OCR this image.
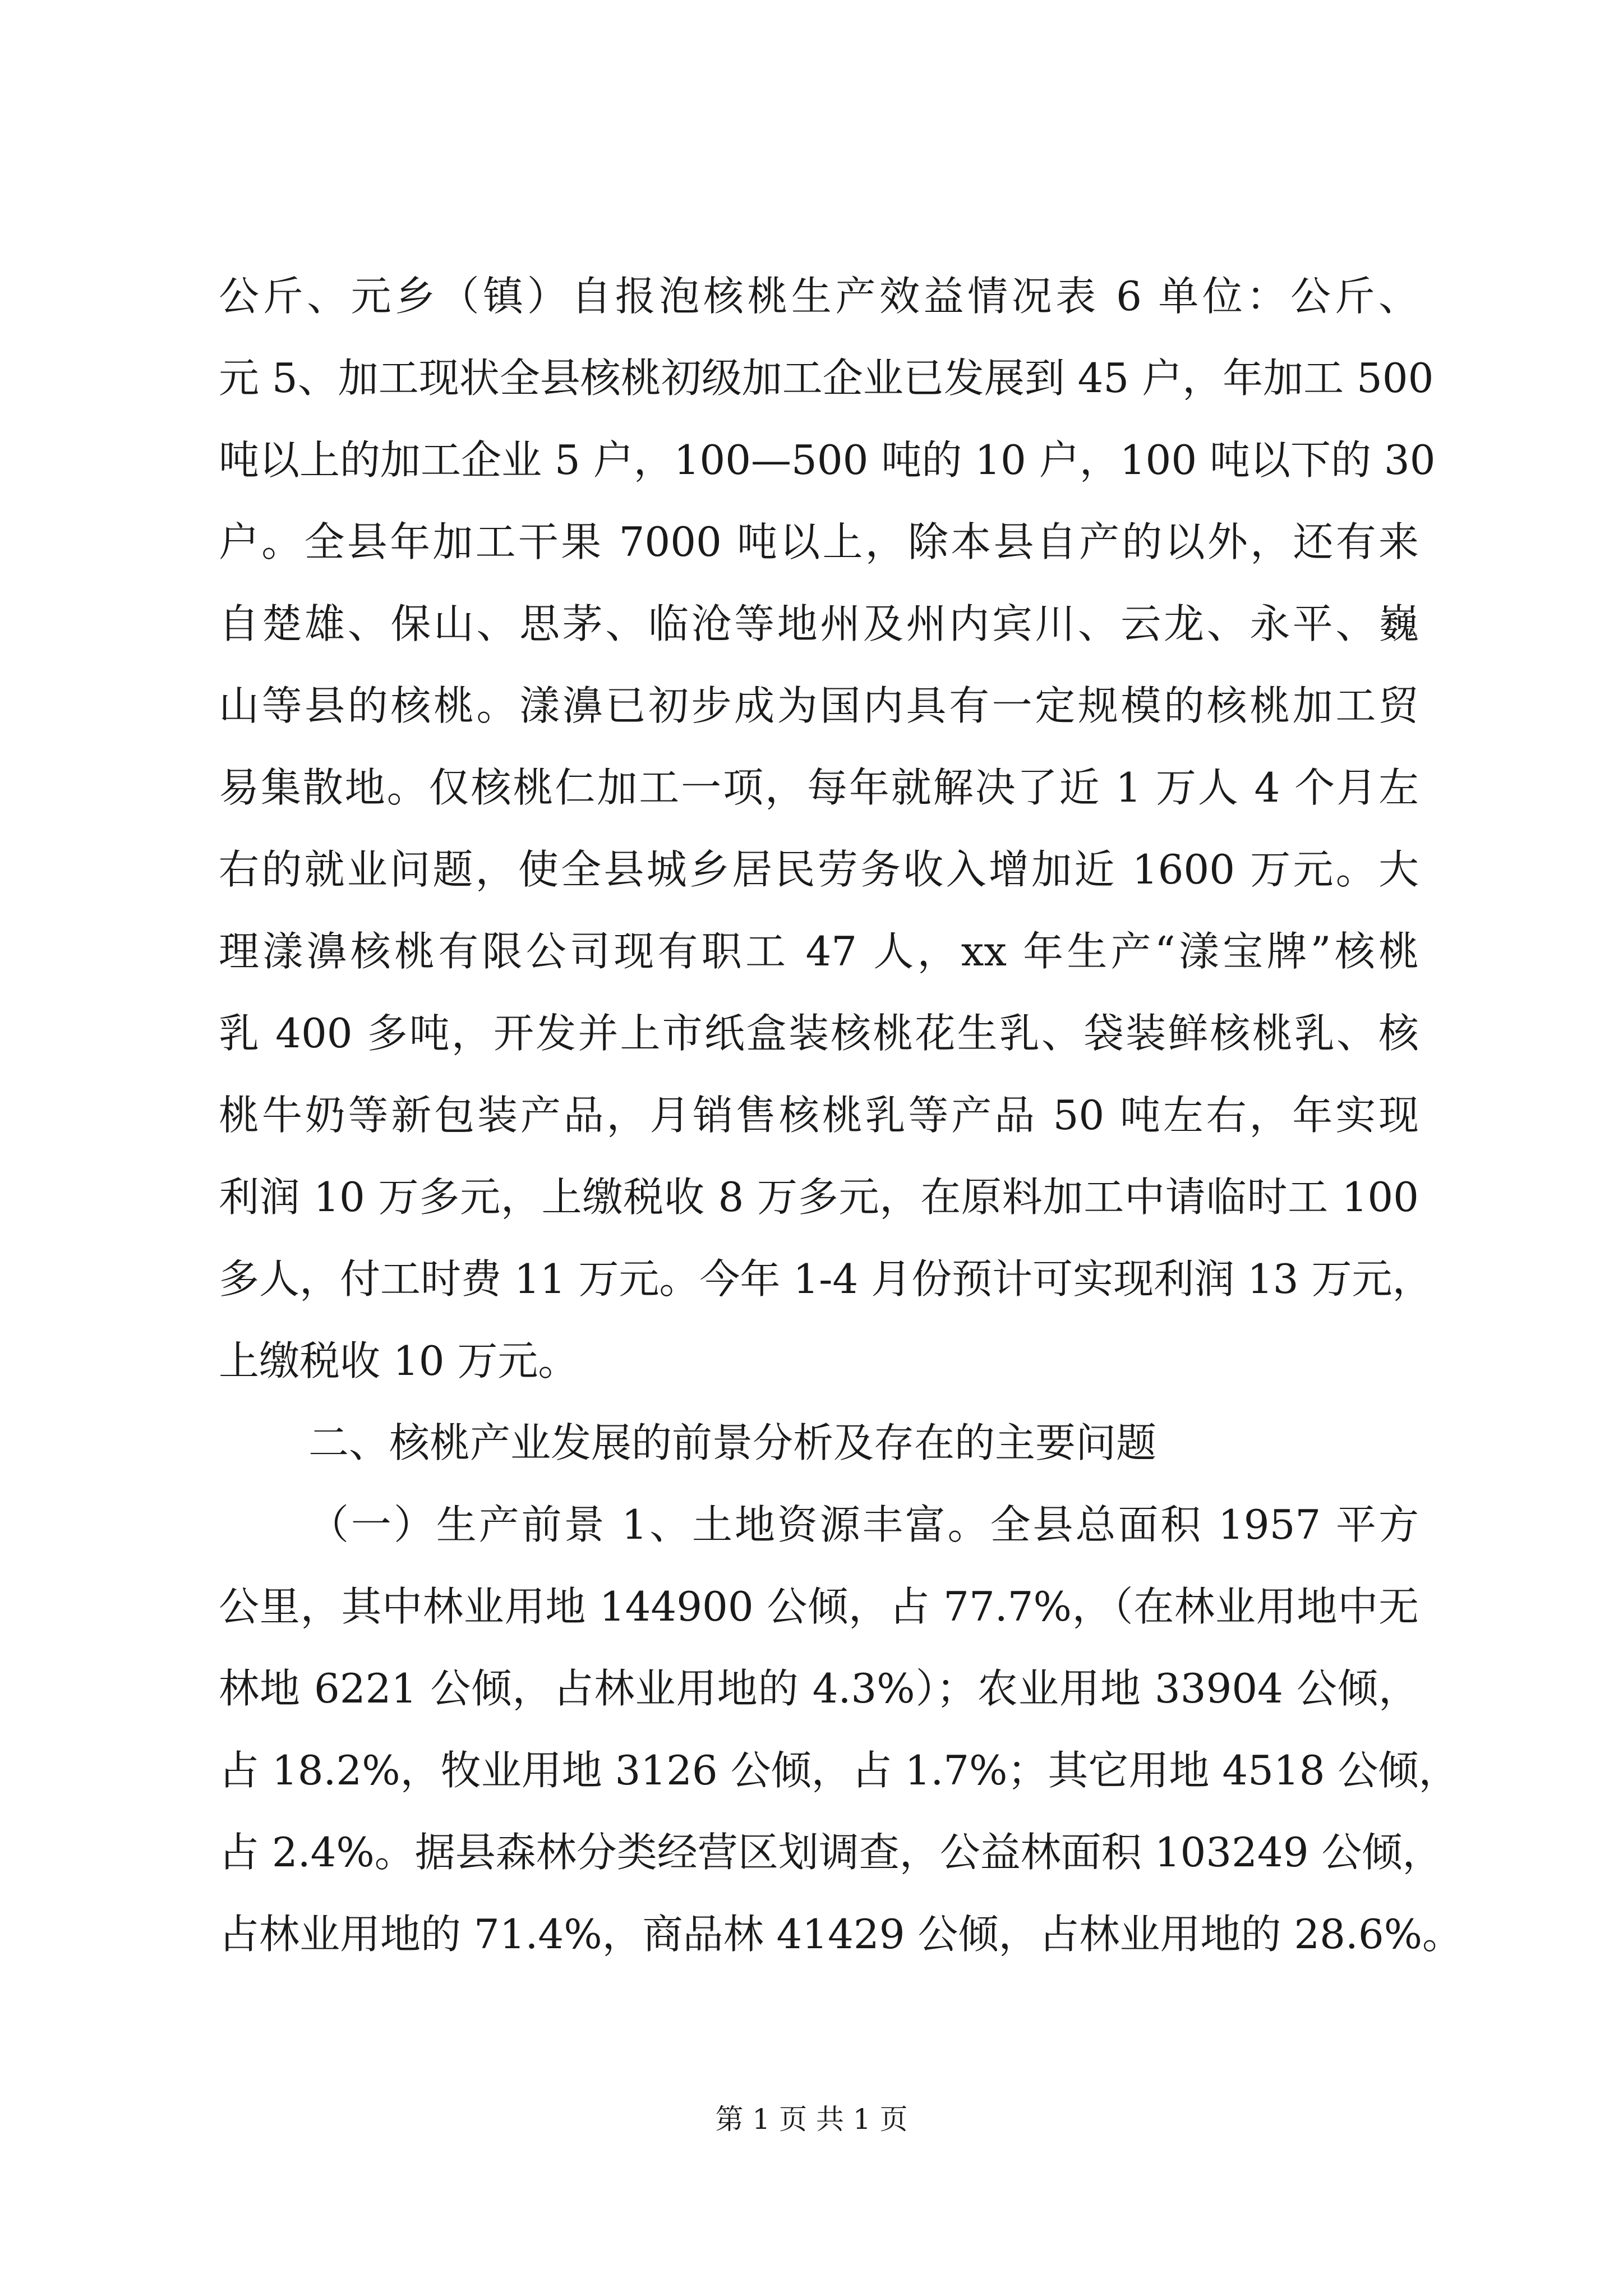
公斤、元乡（镇）自报泡核桃生产效益情况表 6 单位：公斤、
元 5、加工现状全县核桃初级加工企业已发展到 45 户，年加工 500
吨以上的加工企业 5 户，100—500 吨的 10 户，100 吨以下的 30
户。全县年加工干果 7000 吨以上，除本县自产的以外，还有来
自楚雄、保山、思茅、临沧等地州及州内宾川、云龙、永平、巍
山等县的核桃。漾濞已初步成为国内具有一定规模的核桃加工贸
易集散地。仅核桃仁加工一项，每年就解决了近 1 万人 4 个月左
右的就业问题，使全县城乡居民劳务收入增加近 1600 万元。大
理漾濞核桃有限公司现有职工 47 人，xx 年生产“漾宝牌”核桃
乳 400 多吨，开发并上市纸盒装核桃花生乳、袋装鲜核桃乳、核
桃牛奶等新包装产品，月销售核桃乳等产品 50 吨左右，年实现
利润 10 万多元，上缴税收 8 万多元，在原料加工中请临时工 100
多人，付工时费 11 万元。今年 1-4 月份预计可实现利润 13 万元，
上缴税收 10 万元。
二、核桃产业发展的前景分析及存在的主要问题
（一）生产前景 1、土地资源丰富。全县总面积 1957 平方
公里，其中林业用地 144900 公倾，占 77.7%，（在林业用地中无
林地 6221 公倾，占林业用地的 4.3%）；农业用地 33904 公倾，
占 18.2%，牧业用地 3126 公倾，占 1.7%；其它用地 4518 公倾，
占 2.4%。据县森林分类经营区划调查，公益林面积 103249 公倾，
占林业用地的 71.4%，商品林 41429 公倾，占林业用地的 28.6%。
第 1 页 共 1 页
